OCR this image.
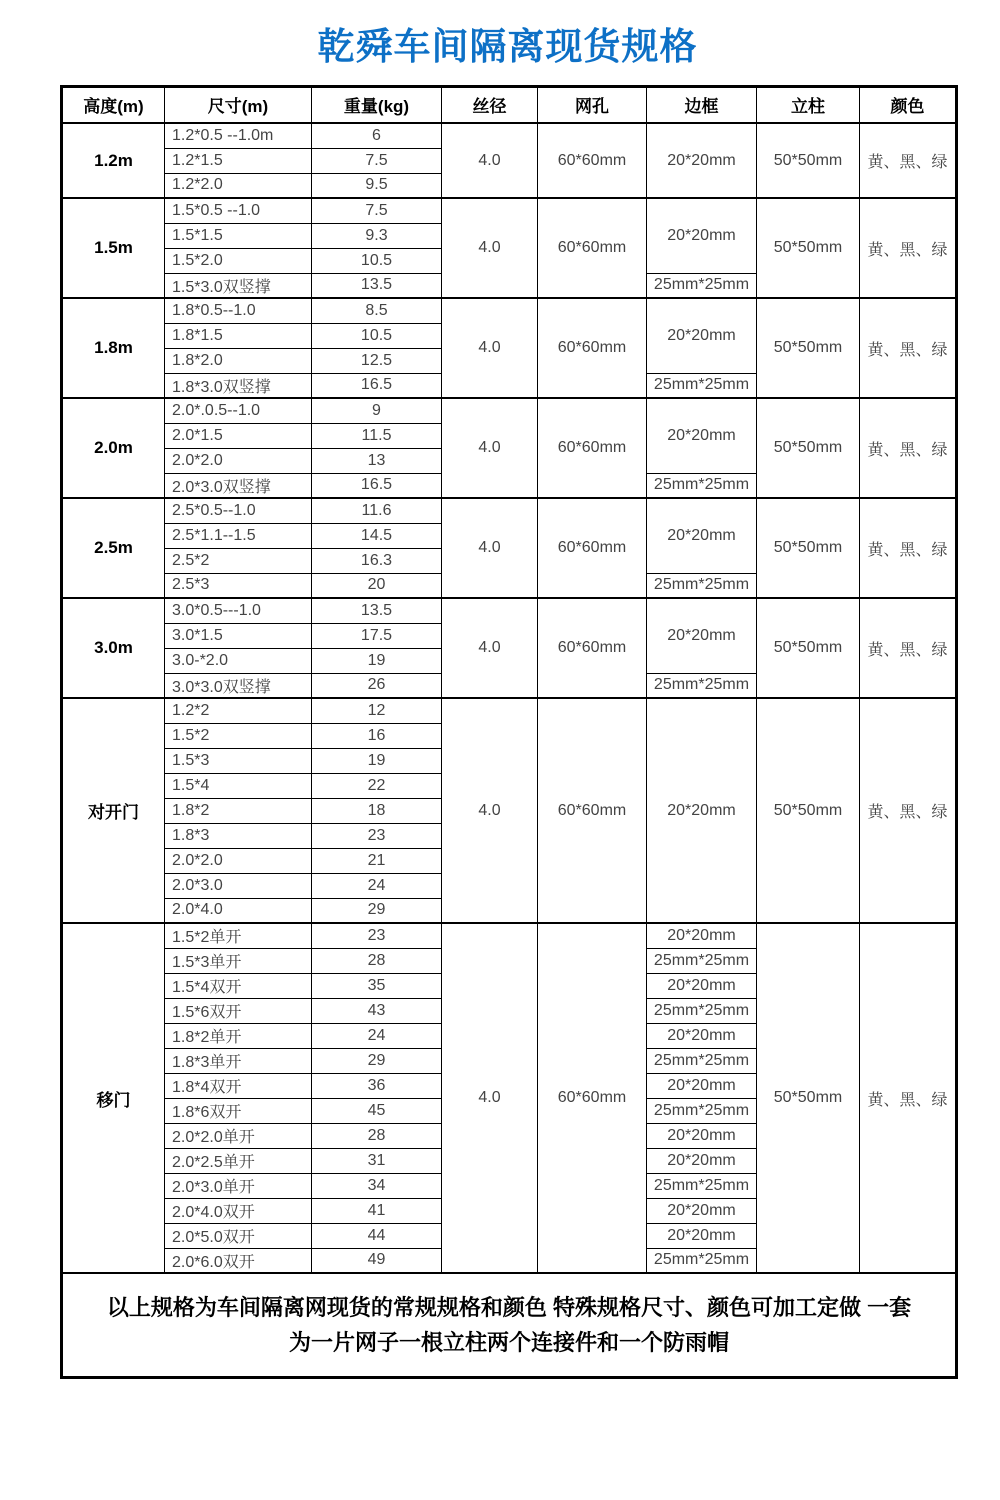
乾舜车间隔离现货规格
高度(m)	尺寸(m)	重量(kg)	丝径	网孔	边框	立柱	颜色
1.2m	1.2*0.5 --1.0m	6	4.0	60*60mm	20*20mm	50*50mm	黄、黑、绿
	1.2*1.5	7.5					
	1.2*2.0	9.5					
1.5m	1.5*0.5 --1.0	7.5	4.0	60*60mm	20*20mm	50*50mm	黄、黑、绿
	1.5*1.5	9.3					
	1.5*2.0	10.5					
	1.5*3.0双竖撑	13.5			25mm*25mm		
1.8m	1.8*0.5--1.0	8.5	4.0	60*60mm	20*20mm	50*50mm	黄、黑、绿
	1.8*1.5	10.5					
	1.8*2.0	12.5					
	1.8*3.0双竖撑	16.5			25mm*25mm		
2.0m	2.0*.0.5--1.0	9	4.0	60*60mm	20*20mm	50*50mm	黄、黑、绿
	2.0*1.5	11.5					
	2.0*2.0	13					
	2.0*3.0双竖撑	16.5			25mm*25mm		
2.5m	2.5*0.5--1.0	11.6	4.0	60*60mm	20*20mm	50*50mm	黄、黑、绿
	2.5*1.1--1.5	14.5					
	2.5*2	16.3					
	2.5*3	20			25mm*25mm		
3.0m	3.0*0.5---1.0	13.5	4.0	60*60mm	20*20mm	50*50mm	黄、黑、绿
	3.0*1.5	17.5					
	3.0-*2.0	19					
	3.0*3.0双竖撑	26			25mm*25mm		
对开门	1.2*2	12	4.0	60*60mm	20*20mm	50*50mm	黄、黑、绿
	1.5*2	16					
	1.5*3	19					
	1.5*4	22					
	1.8*2	18					
	1.8*3	23					
	2.0*2.0	21					
	2.0*3.0	24					
	2.0*4.0	29					
移门	1.5*2单开	23	4.0	60*60mm	20*20mm	50*50mm	黄、黑、绿
	1.5*3单开	28			25mm*25mm		
	1.5*4双开	35			20*20mm		
	1.5*6双开	43			25mm*25mm		
	1.8*2单开	24			20*20mm		
	1.8*3单开	29			25mm*25mm		
	1.8*4双开	36			20*20mm		
	1.8*6双开	45			25mm*25mm		
	2.0*2.0单开	28			20*20mm		
	2.0*2.5单开	31			20*20mm		
	2.0*3.0单开	34			25mm*25mm		
	2.0*4.0双开	41			20*20mm		
	2.0*5.0双开	44			20*20mm		
	2.0*6.0双开	49			25mm*25mm		

以上规格为车间隔离网现货的常规规格和颜色 特殊规格尺寸、颜色可加工定做 一套
为一片网子一根立柱两个连接件和一个防雨帽							
